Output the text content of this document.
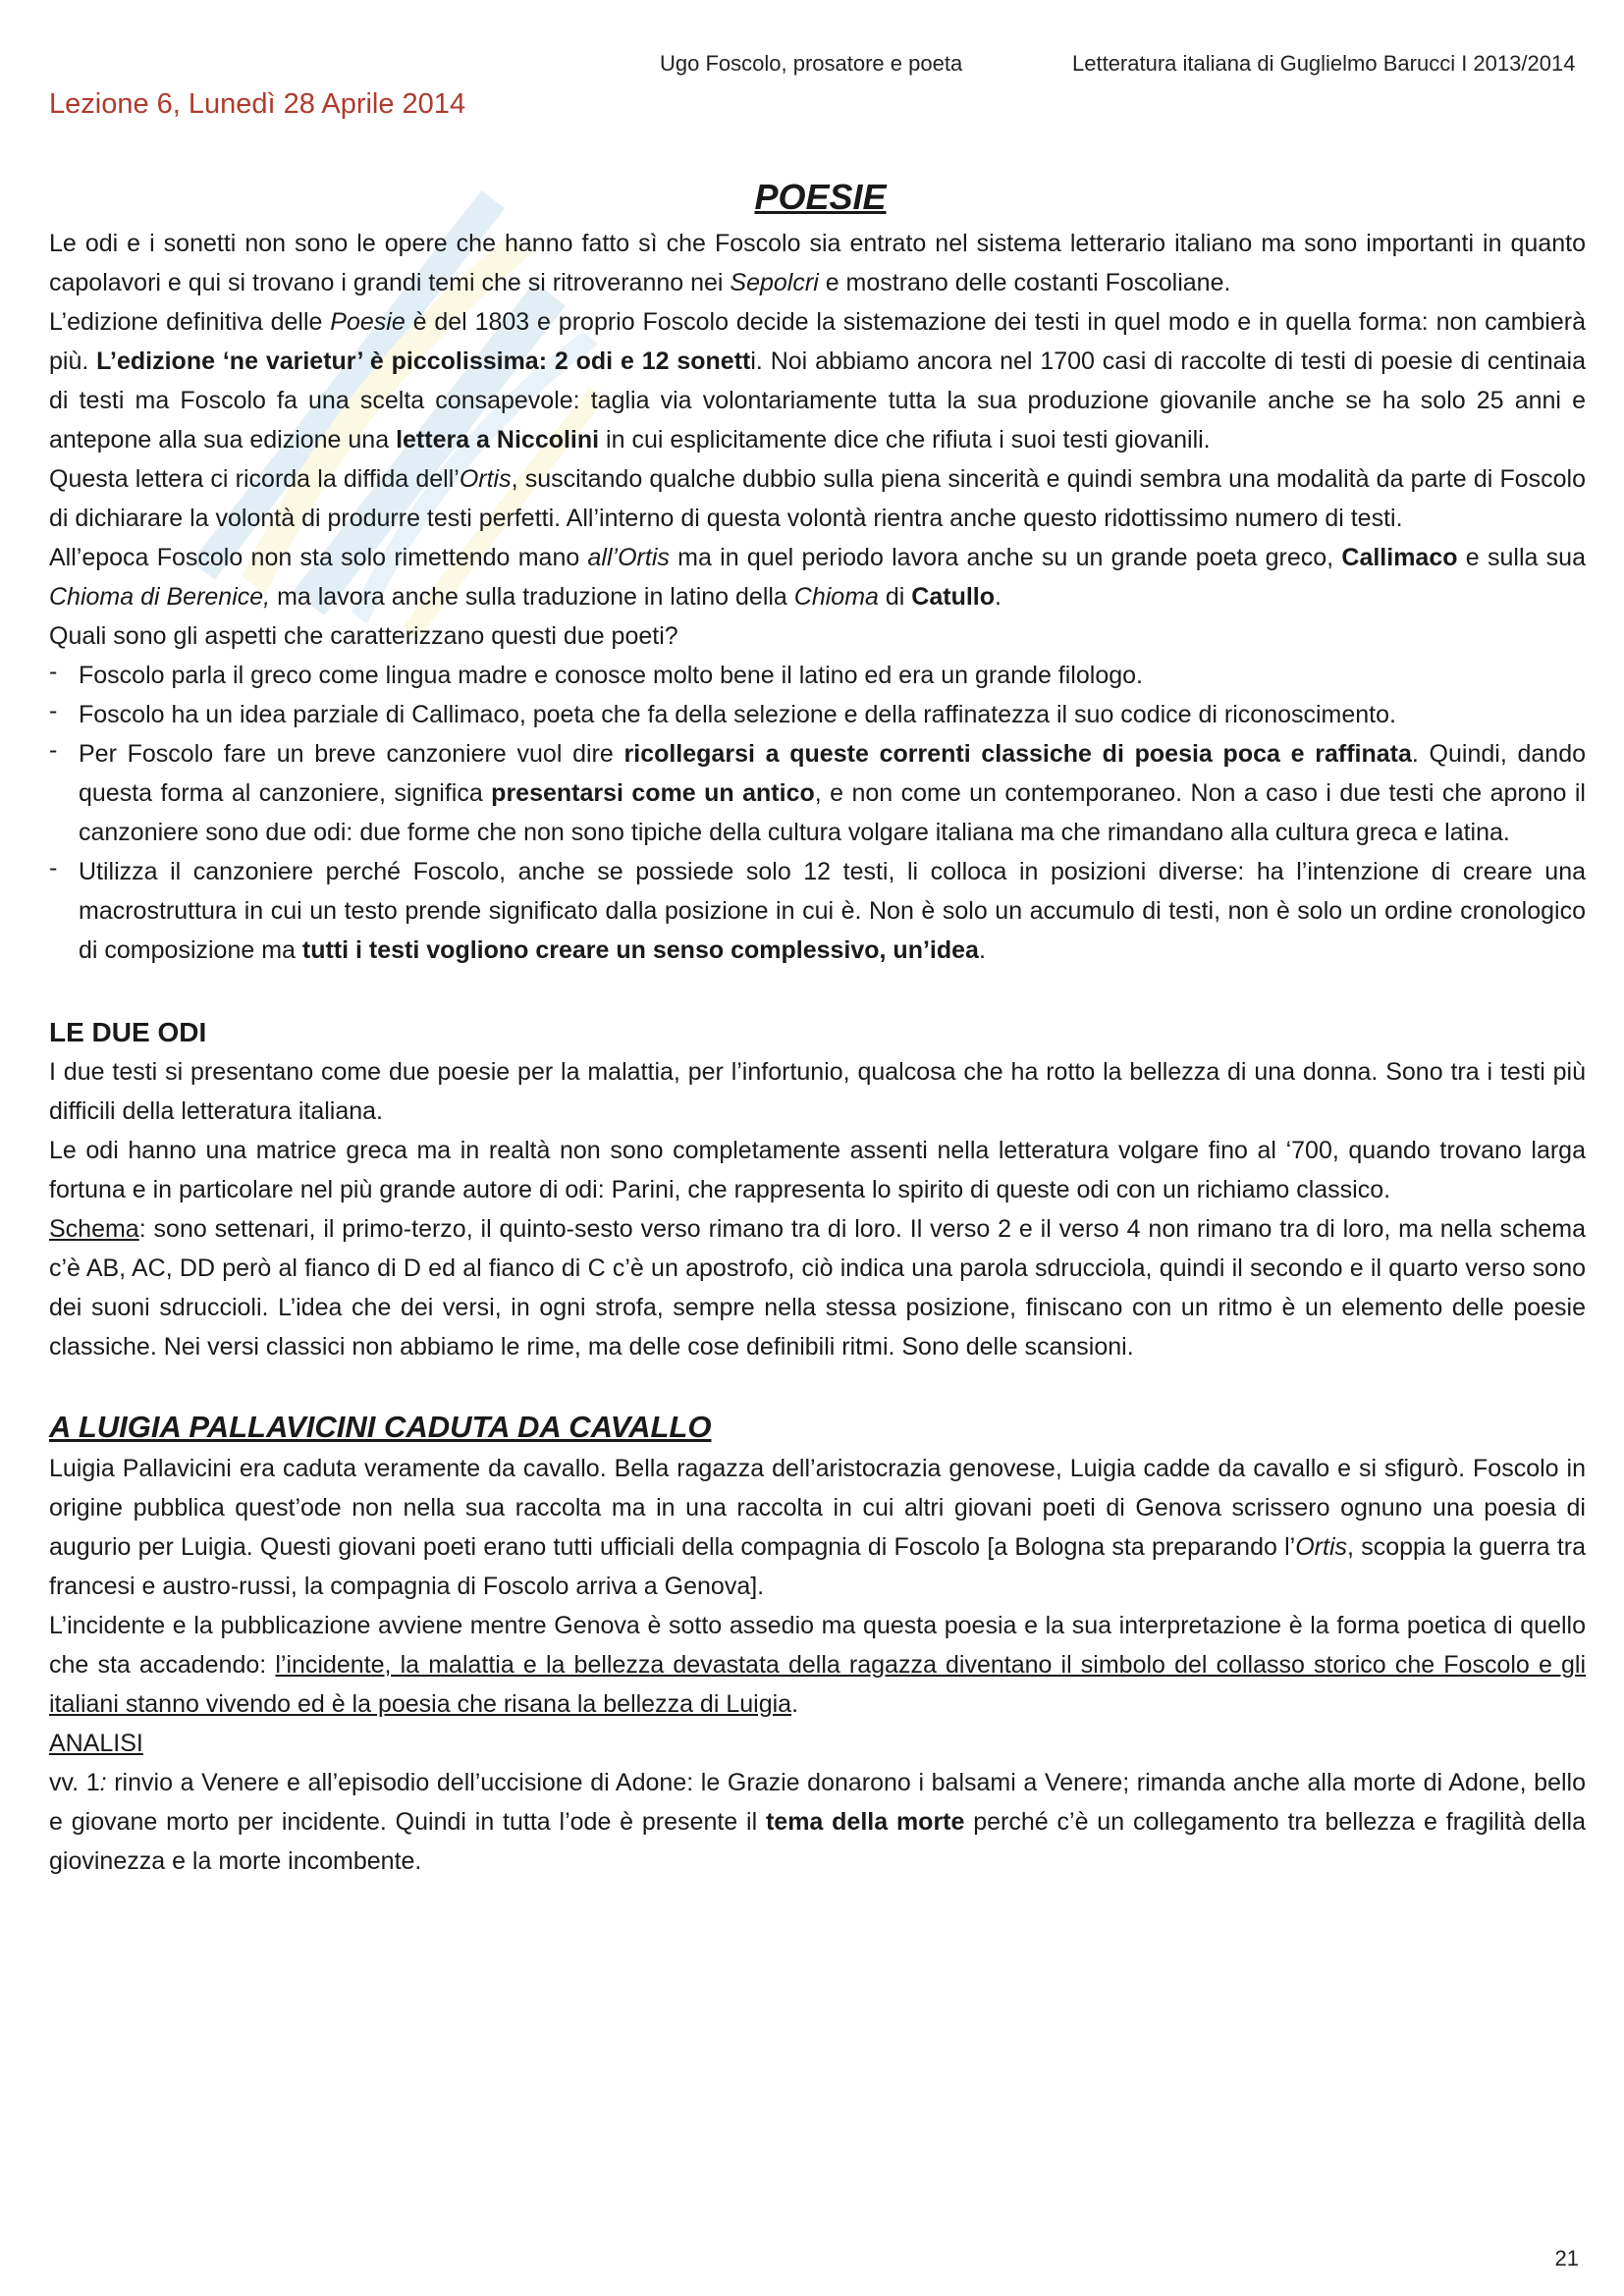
Ugo Foscolo, prosatore e poeta	Letteratura italiana di Guglielmo Barucci I 2013/2014
Lezione 6, Lunedì 28 Aprile 2014
POESIE

Le odi e i sonetti non sono le opere che hanno fatto sì che Foscolo sia entrato nel sistema letterario italiano ma sono importanti in quanto capolavori e qui si trovano i grandi temi che si ritroveranno nei Sepolcri e mostrano delle costanti Foscoliane.

L’edizione definitiva delle Poesie è del 1803 e proprio Foscolo decide la sistemazione dei testi in quel modo e in quella forma: non cambierà più. L’edizione ‘ne varietur’ è piccolissima: 2 odi e 12 sonetti. Noi abbiamo ancora nel 1700 casi di raccolte di testi di poesie di centinaia di testi ma Foscolo fa una scelta consapevole: taglia via volontariamente tutta la sua produzione giovanile anche se ha solo 25 anni e antepone alla sua edizione una lettera a Niccolini in cui esplicitamente dice che rifiuta i suoi testi giovanili.

Questa lettera ci ricorda la diffida dell’Ortis, suscitando qualche dubbio sulla piena sincerità e quindi sembra una modalità da parte di Foscolo di dichiarare la volontà di produrre testi perfetti. All’interno di questa volontà rientra anche questo ridottissimo numero di testi.

All’epoca Foscolo non sta solo rimettendo mano all’Ortis ma in quel periodo lavora anche su un grande poeta greco, Callimaco e sulla sua Chioma di Berenice, ma lavora anche sulla traduzione in latino della Chioma di Catullo.

Quali sono gli aspetti che caratterizzano questi due poeti?

- Foscolo parla il greco come lingua madre e conosce molto bene il latino ed era un grande filologo.
- Foscolo ha un idea parziale di Callimaco, poeta che fa della selezione e della raffinatezza il suo codice di riconoscimento.
- Per Foscolo fare un breve canzoniere vuol dire ricollegarsi a queste correnti classiche di poesia poca e raffinata. Quindi, dando questa forma al canzoniere, significa presentarsi come un antico, e non come un contemporaneo. Non a caso i due testi che aprono il canzoniere sono due odi: due forme che non sono tipiche della cultura volgare italiana ma che rimandano alla cultura greca e latina.
- Utilizza il canzoniere perché Foscolo, anche se possiede solo 12 testi, li colloca in posizioni diverse: ha l’intenzione di creare una macrostruttura in cui un testo prende significato dalla posizione in cui è. Non è solo un accumulo di testi, non è solo un ordine cronologico di composizione ma tutti i testi vogliono creare un senso complessivo, un’idea.
LE DUE ODI

I due testi si presentano come due poesie per la malattia, per l’infortunio, qualcosa che ha rotto la bellezza di una donna. Sono tra i testi più difficili della letteratura italiana.

Le odi hanno una matrice greca ma in realtà non sono completamente assenti nella letteratura volgare fino al ‘700, quando trovano larga fortuna e in particolare nel più grande autore di odi: Parini, che rappresenta lo spirito di queste odi con un richiamo classico.

Schema: sono settenari, il primo-terzo, il quinto-sesto verso rimano tra di loro. Il verso 2 e il verso 4 non rimano tra di loro, ma nella schema c’è AB, AC, DD però al fianco di D ed al fianco di C c’è un apostrofo, ciò indica una parola sdrucciola, quindi il secondo e il quarto verso sono dei suoni sdruccioli. L’idea che dei versi, in ogni strofa, sempre nella stessa posizione, finiscano con un ritmo è un elemento delle poesie classiche. Nei versi classici non abbiamo le rime, ma delle cose definibili ritmi. Sono delle scansioni.

A LUIGIA PALLAVICINI CADUTA DA CAVALLO

Luigia Pallavicini era caduta veramente da cavallo. Bella ragazza dell’aristocrazia genovese, Luigia cadde da cavallo e si sfigurò. Foscolo in origine pubblica quest’ode non nella sua raccolta ma in una raccolta in cui altri giovani poeti di Genova scrissero ognuno una poesia di augurio per Luigia. Questi giovani poeti erano tutti ufficiali della compagnia di Foscolo [a Bologna sta preparando l’Ortis, scoppia la guerra tra francesi e austro-russi, la compagnia di Foscolo arriva a Genova].

L’incidente e la pubblicazione avviene mentre Genova è sotto assedio ma questa poesia e la sua interpretazione è la forma poetica di quello che sta accadendo: l’incidente, la malattia e la bellezza devastata della ragazza diventano il simbolo del collasso storico che Foscolo e gli italiani stanno vivendo ed è la poesia che risana la bellezza di Luigia.

ANALISI

vv. 1: rinvio a Venere e all’episodio dell’uccisione di Adone: le Grazie donarono i balsami a Venere; rimanda anche alla morte di Adone, bello e giovane morto per incidente. Quindi in tutta l’ode è presente il tema della morte perché c’è un collegamento tra bellezza e fragilità della giovinezza e la morte incombente.

21
